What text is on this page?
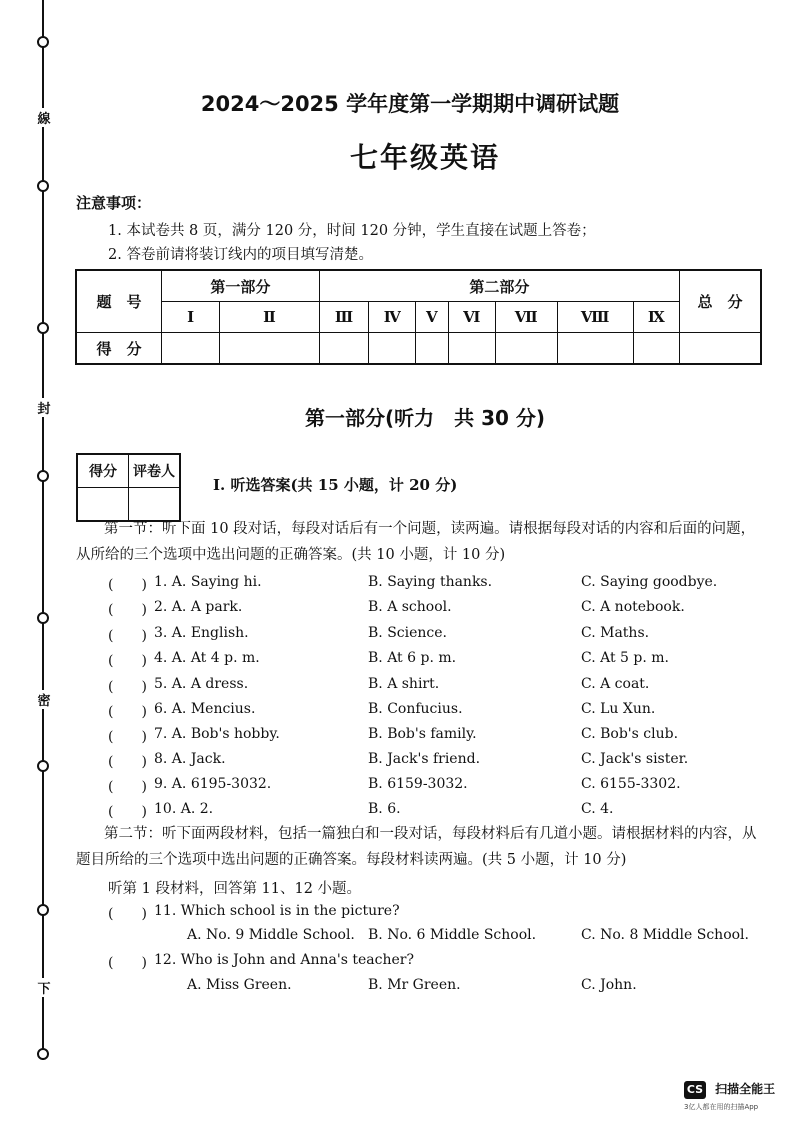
線
封
密
下
2024～2025 学年度第一学期期中调研试题
七年级英语
注意事项：
1. 本试卷共 8 页，满分 120 分，时间 120 分钟，学生直接在试题上答卷；
2. 答卷前请将装订线内的项目填写清楚。
题　号	第一部分		第二部分							总　分
	Ⅰ	Ⅱ	Ⅲ	Ⅳ	Ⅴ	Ⅵ	Ⅶ	Ⅷ	Ⅸ	
得　分										
第一部分(听力　共 30 分)
得分	评卷人

Ⅰ. 听选答案(共 15 小题，计 20 分)
第一节：听下面 10 段对话，每段对话后有一个问题，读两遍。请根据每段对话的内容和后面的问题，从所给的三个选项中选出问题的正确答案。(共 10 小题，计 10 分)
(　　) 1. A. Saying hi.	B. Saying thanks.	C. Saying goodbye.
(　　) 2. A. A park.	B. A school.	C. A notebook.
(　　) 3. A. English.	B. Science.	C. Maths.
(　　) 4. A. At 4 p. m.	B. At 6 p. m.	C. At 5 p. m.
(　　) 5. A. A dress.	B. A shirt.	C. A coat.
(　　) 6. A. Mencius.	B. Confucius.	C. Lu Xun.
(　　) 7. A. Bob's hobby.	B. Bob's family.	C. Bob's club.
(　　) 8. A. Jack.	B. Jack's friend.	C. Jack's sister.
(　　) 9. A. 6195-3032.	B. 6159-3032.	C. 6155-3302.
(　　) 10. A. 2.	B. 6.	C. 4.
第二节：听下面两段材料，包括一篇独白和一段对话，每段材料后有几道小题。请根据材料的内容，从题目所给的三个选项中选出问题的正确答案。每段材料读两遍。(共 5 小题，计 10 分)
听第 1 段材料，回答第 11、12 小题。
(　　) 11. Which school is in the picture?
A. No. 9 Middle School. B. No. 6 Middle School.	C. No. 8 Middle School.
(　　) 12. Who is John and Anna's teacher?
A. Miss Green.	B. Mr Green.	C. John.
CS 扫描全能王
3亿人都在用的扫描App
